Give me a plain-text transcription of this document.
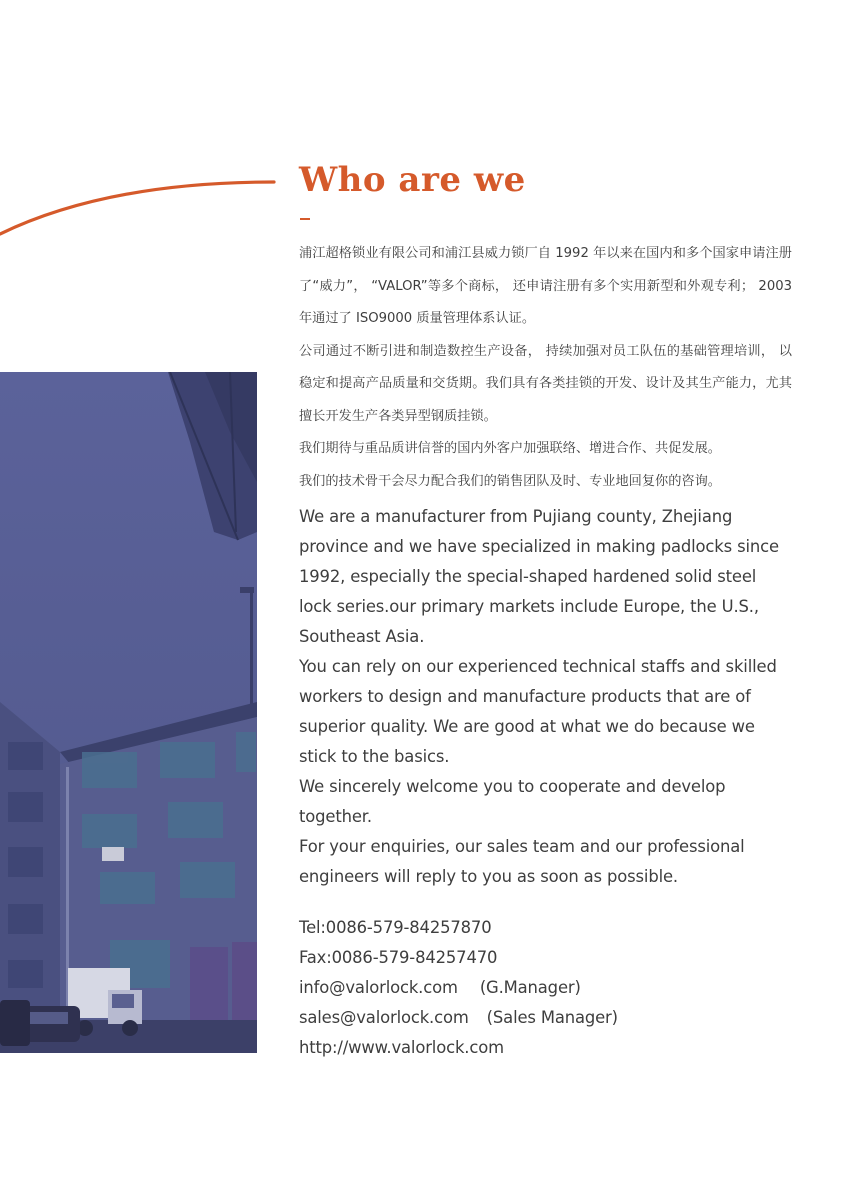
Who are we

浦江超格锁业有限公司和浦江县威力锁厂自 1992 年以来在国内和多个国家申请注册了“威力”， “VALOR”等多个商标， 还申请注册有多个实用新型和外观专利； 2003 年通过了 ISO9000 质量管理体系认证。

公司通过不断引进和制造数控生产设备， 持续加强对员工队伍的基础管理培训， 以稳定和提高产品质量和交货期。我们具有各类挂锁的开发、设计及其生产能力，尤其擅长开发生产各类异型钢质挂锁。

我们期待与重品质讲信誉的国内外客户加强联络、增进合作、共促发展。

我们的技术骨干会尽力配合我们的销售团队及时、专业地回复你的咨询。

We are a manufacturer from Pujiang county, Zhejiang province and we have specialized in making padlocks since 1992, especially the special-shaped hardened solid steel lock series.our primary markets include Europe, the U.S., Southeast Asia.

You can rely on our experienced technical staffs and skilled workers to design and manufacture products that are of superior quality. We are good at what we do because we stick to the basics.

We sincerely welcome you to cooperate and develop together.

For your enquiries, our sales team and our professional engineers will reply to you as soon as possible.

Tel:0086-579-84257870
Fax:0086-579-84257470
info@valorlock.com (G.Manager)
sales@valorlock.com (Sales Manager)
http://www.valorlock.com
